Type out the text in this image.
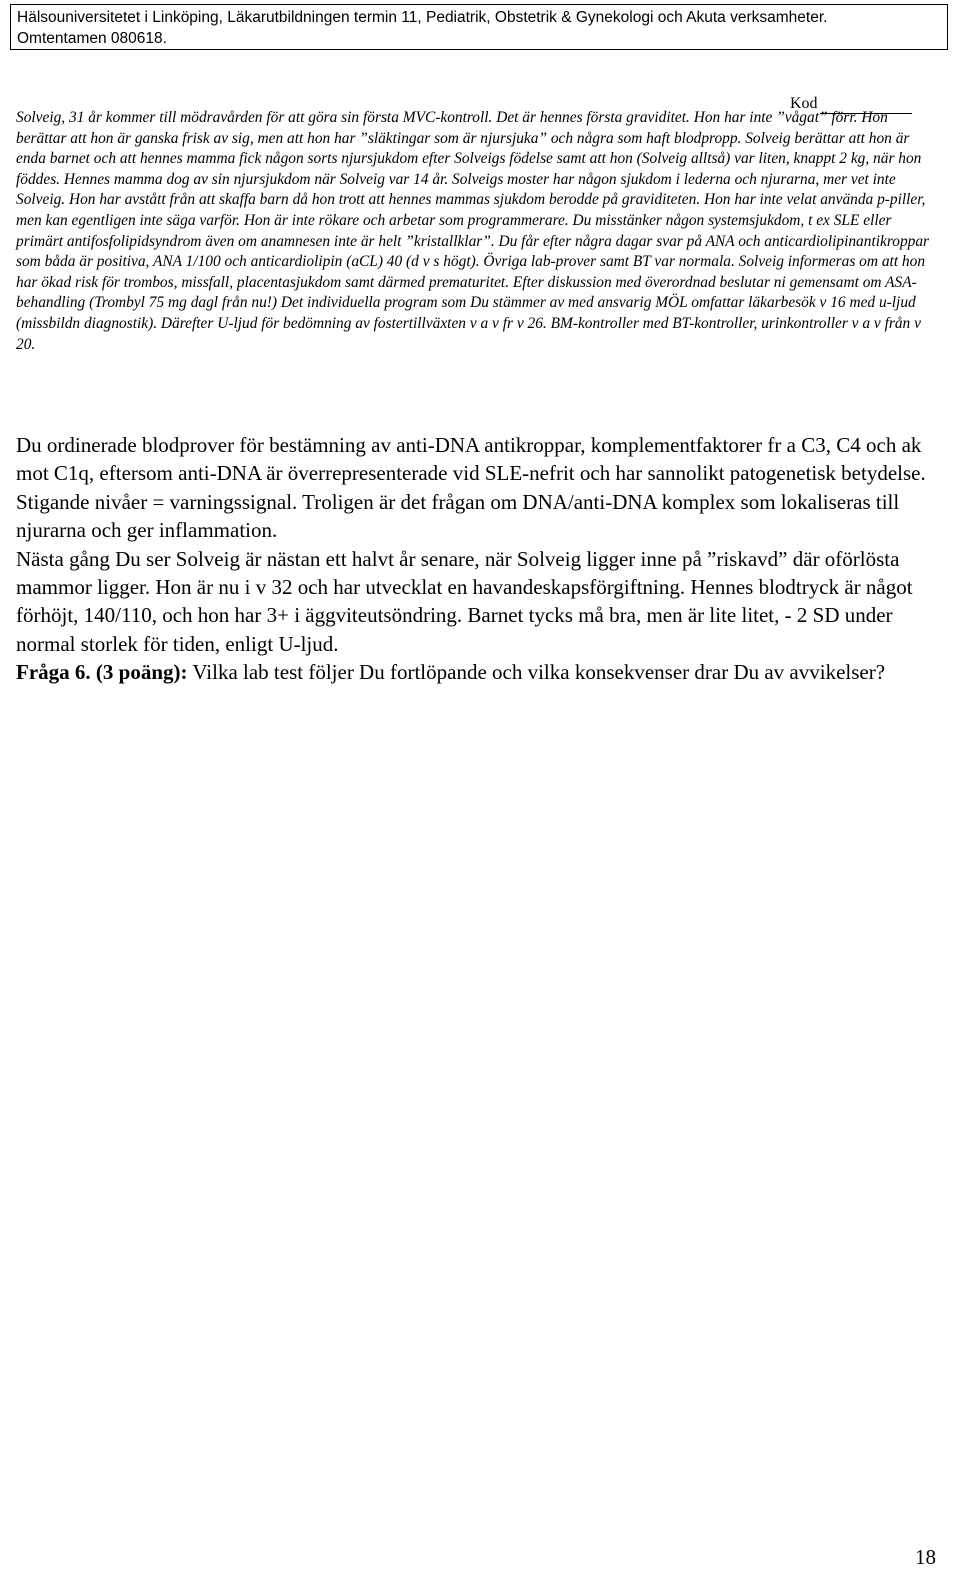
Hälsouniversitetet i Linköping, Läkarutbildningen termin 11, Pediatrik, Obstetrik & Gynekologi och Akuta verksamheter.
Omtentamen 080618.
Kod

Solveig, 31 år kommer till mödravården för att göra sin första MVC-kontroll. Det är hennes första graviditet. Hon har inte ”vågat” förr. Hon berättar att hon är ganska frisk av sig, men att hon har ”släktingar som är njursjuka” och några som haft blodpropp. Solveig berättar att hon är enda barnet och att hennes mamma fick någon sorts njursjukdom efter Solveigs födelse samt att hon (Solveig alltså) var liten, knappt 2 kg, när hon föddes. Hennes mamma dog av sin njursjukdom när Solveig var 14 år. Solveigs moster har någon sjukdom i lederna och njurarna, mer vet inte Solveig. Hon har avstått från att skaffa barn då hon trott att hennes mammas sjukdom berodde på graviditeten. Hon har inte velat använda p-piller, men kan egentligen inte säga varför. Hon är inte rökare och arbetar som programmerare. Du misstänker någon systemsjukdom, t ex SLE eller primärt antifosfolipidsyndrom även om anamnesen inte är helt ”kristallklar”. Du får efter några dagar svar på ANA och anticardiolipinantikroppar som båda är positiva, ANA 1/100 och anticardiolipin (aCL) 40 (d v s högt). Övriga lab-prover samt BT var normala. Solveig informeras om att hon har ökad risk för trombos, missfall, placentasjukdom samt därmed prematuritet. Efter diskussion med överordnad beslutar ni gemensamt om ASA-behandling (Trombyl 75 mg dagl från nu!) Det individuella program som Du stämmer av med ansvarig MÖL omfattar läkarbesök v 16 med u-ljud (missbildn diagnostik). Därefter U-ljud för bedömning av fostertillväxten v a v fr v 26. BM-kontroller med BT-kontroller, urinkontroller v a v från v 20.

Du ordinerade blodprover för bestämning av anti-DNA antikroppar, komplementfaktorer fr a C3, C4 och ak mot C1q, eftersom anti-DNA är överrepresenterade vid SLE-nefrit och har sannolikt patogenetisk betydelse. Stigande nivåer = varningssignal. Troligen är det frågan om DNA/anti-DNA komplex som lokaliseras till njurarna och ger inflammation.

Nästa gång Du ser Solveig är nästan ett halvt år senare, när Solveig ligger inne på ”riskavd” där oförlösta mammor ligger. Hon är nu i v 32 och har utvecklat en havandeskapsförgiftning. Hennes blodtryck är något förhöjt, 140/110, och hon har 3+ i äggviteutsöndring. Barnet tycks må bra, men är lite litet, - 2 SD under normal storlek för tiden, enligt U-ljud.

Fråga 6. (3 poäng): Vilka lab test följer Du fortlöpande och vilka konsekvenser drar Du av avvikelser?

18
